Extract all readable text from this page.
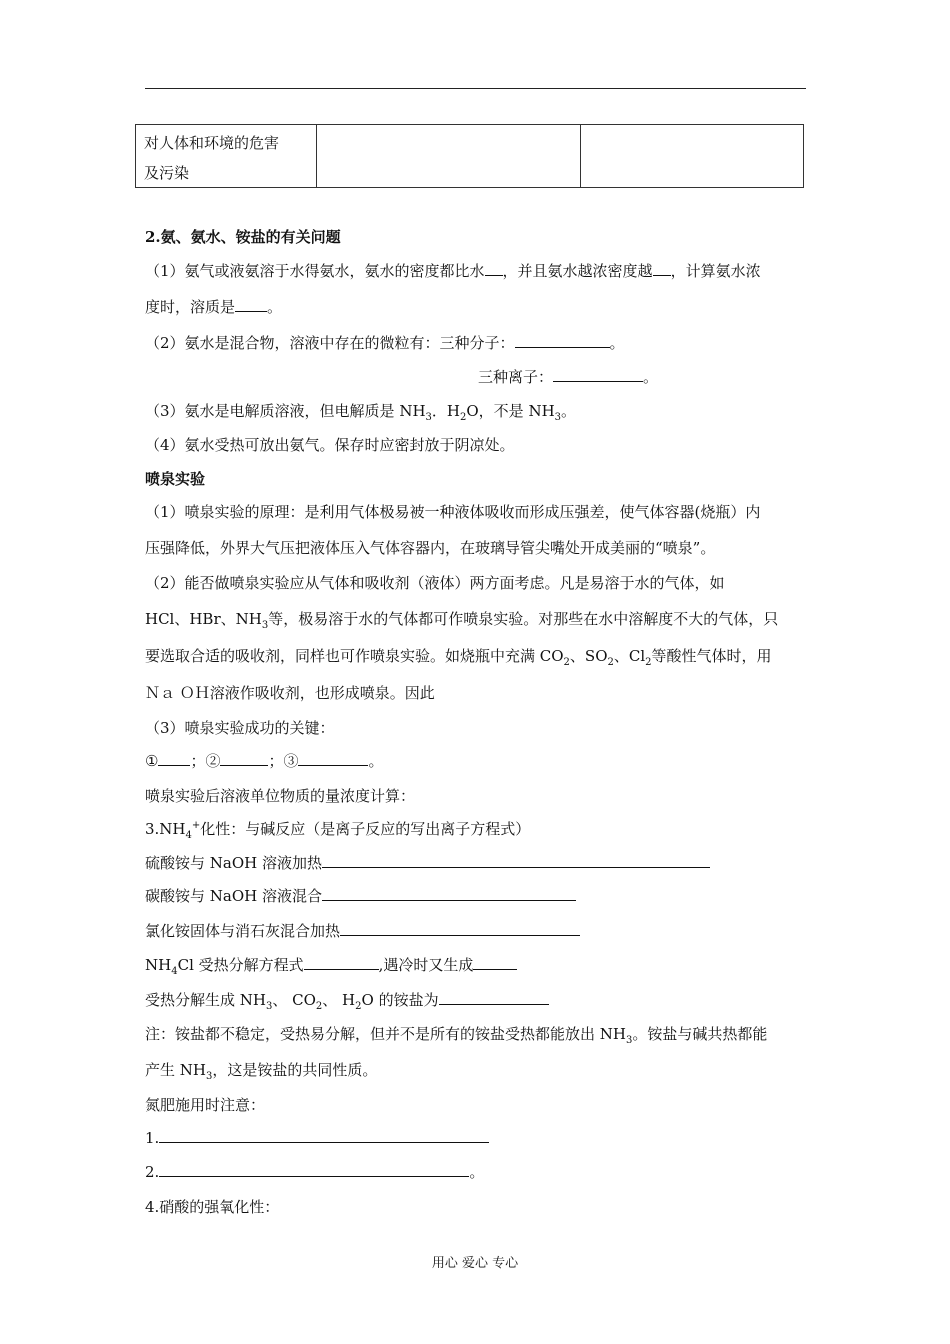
对人体和环境的危害
及污染

2.氨、氨水、铵盐的有关问题
（1）氨气或液氨溶于水得氨水，氨水的密度都比水 ，并且氨水越浓密度越 ，计算氨水浓
度时，溶质是 。
（2）氨水是混合物，溶液中存在的微粒有：三种分子：	。
三种离子：	。
（3）氨水是电解质溶液，但电解质是 $NH_3$．$H_2O$，不是 $NH_3$。
（4）氨水受热可放出氨气。保存时应密封放于阴凉处。
喷泉实验
（1）喷泉实验的原理：是利用气体极易被一种液体吸收而形成压强差，使气体容器(烧瓶）内
压强降低，外界大气压把液体压入气体容器内，在玻璃导管尖嘴处开成美丽的“喷泉”。
（2）能否做喷泉实验应从气体和吸收剂（液体）两方面考虑。凡是易溶于水的气体，如
HCl、HBr、$NH_3$等，极易溶于水的气体都可作喷泉实验。对那些在水中溶解度不大的气体，只
要选取合适的吸收剂，同样也可作喷泉实验。如烧瓶中充满 $CO_2$、$SO_2$、$Cl_2$等酸性气体时，用
Ｎａ ＯＨ溶液作吸收剂，也形成喷泉。因此
（3）喷泉实验成功的关键：
① ；②	；③	。
喷泉实验后溶液单位物质的量浓度计算：
$3.NH_4^+$化性：与碱反应（是离子反应的写出离子方程式）
硫酸铵与 NaOH 溶液加热
碳酸铵与 NaOH 溶液混合
氯化铵固体与消石灰混合加热
$NH_4Cl$ 受热分解方程式	,遇冷时又生成
受热分解生成 $NH_3$、 $CO_2$、 $H_2O$ 的铵盐为
注：铵盐都不稳定，受热易分解，但并不是所有的铵盐受热都能放出 $NH_3$。铵盐与碱共热都能
产生 $NH_3$，这是铵盐的共同性质。
氮肥施用时注意：
1.
2.	。
4.硝酸的强氧化性：
用心 爱心 专心
